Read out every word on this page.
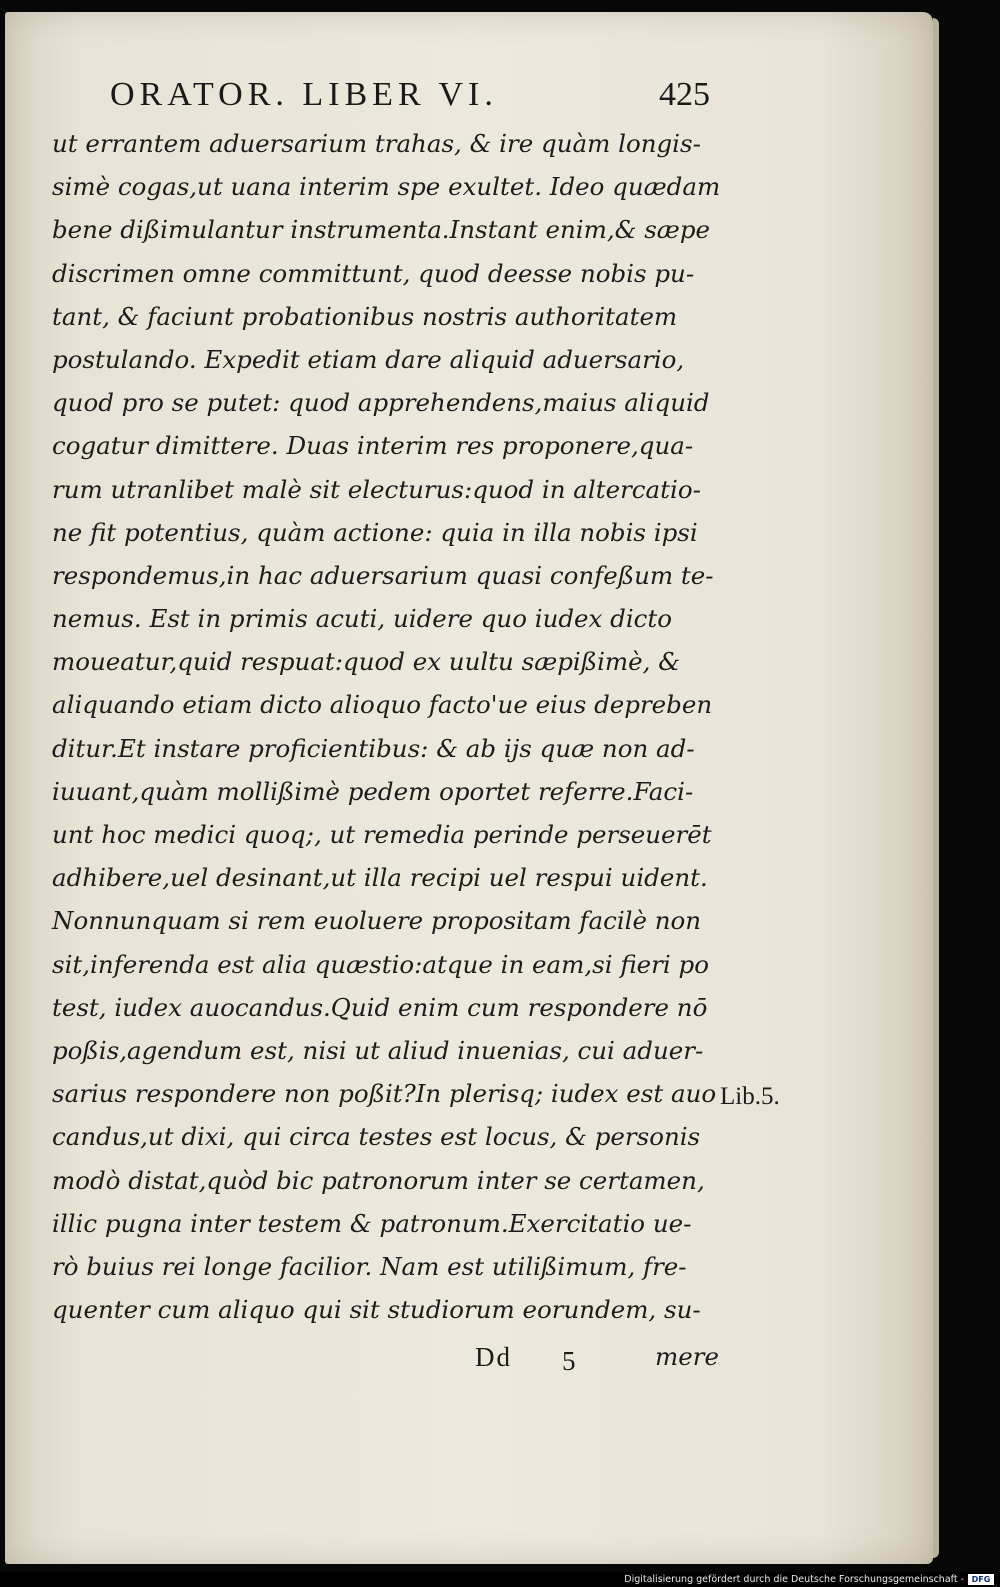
ORATOR. LIBER VI.	425
ut errantem aduersarium trahas, & ire quàm longis-
simè cogas,ut uana interim spe exultet. Ideo quædam
bene dißimulantur instrumenta.Instant enim,& sæpe
discrimen omne committunt, quod deesse nobis pu-
tant, & faciunt probationibus nostris authoritatem
postulando. Expedit etiam dare aliquid aduersario,
quod pro se putet: quod apprehendens,maius aliquid
cogatur dimittere. Duas interim res proponere,qua-
rum utranlibet malè sit electurus:quod in altercatio-
ne fit potentius, quàm actione: quia in illa nobis ipsi
respondemus,in hac aduersarium quasi confeßum te-
nemus. Est in primis acuti, uidere quo iudex dicto
moueatur,quid respuat:quod ex uultu sæpißimè, &
aliquando etiam dicto alioquo facto'ue eius depreben
ditur.Et instare proficientibus: & ab ijs quæ non ad-
iuuant,quàm mollißimè pedem oportet referre.Faci-
unt hoc medici quoq;, ut remedia perinde perseuerēt
adhibere,uel desinant,ut illa recipi uel respui uident.
Nonnunquam si rem euoluere propositam facilè non
sit,inferenda est alia quæstio:atque in eam,si fieri po
test, iudex auocandus.Quid enim cum respondere nō
poßis,agendum est, nisi ut aliud inuenias, cui aduer-
sarius respondere non poßit?In plerisq; iudex est auo
candus,ut dixi, qui circa testes est locus, & personis
modò distat,quòd bic patronorum inter se certamen,
illic pugna inter testem & patronum.Exercitatio ue-
rò buius rei longe facilior. Nam est utilißimum, fre-
quenter cum aliquo qui sit studiorum eorundem, su-
Lib.5.
Dd 5	mere
Digitalisierung gefördert durch die Deutsche Forschungsgemeinschaft - DFG
